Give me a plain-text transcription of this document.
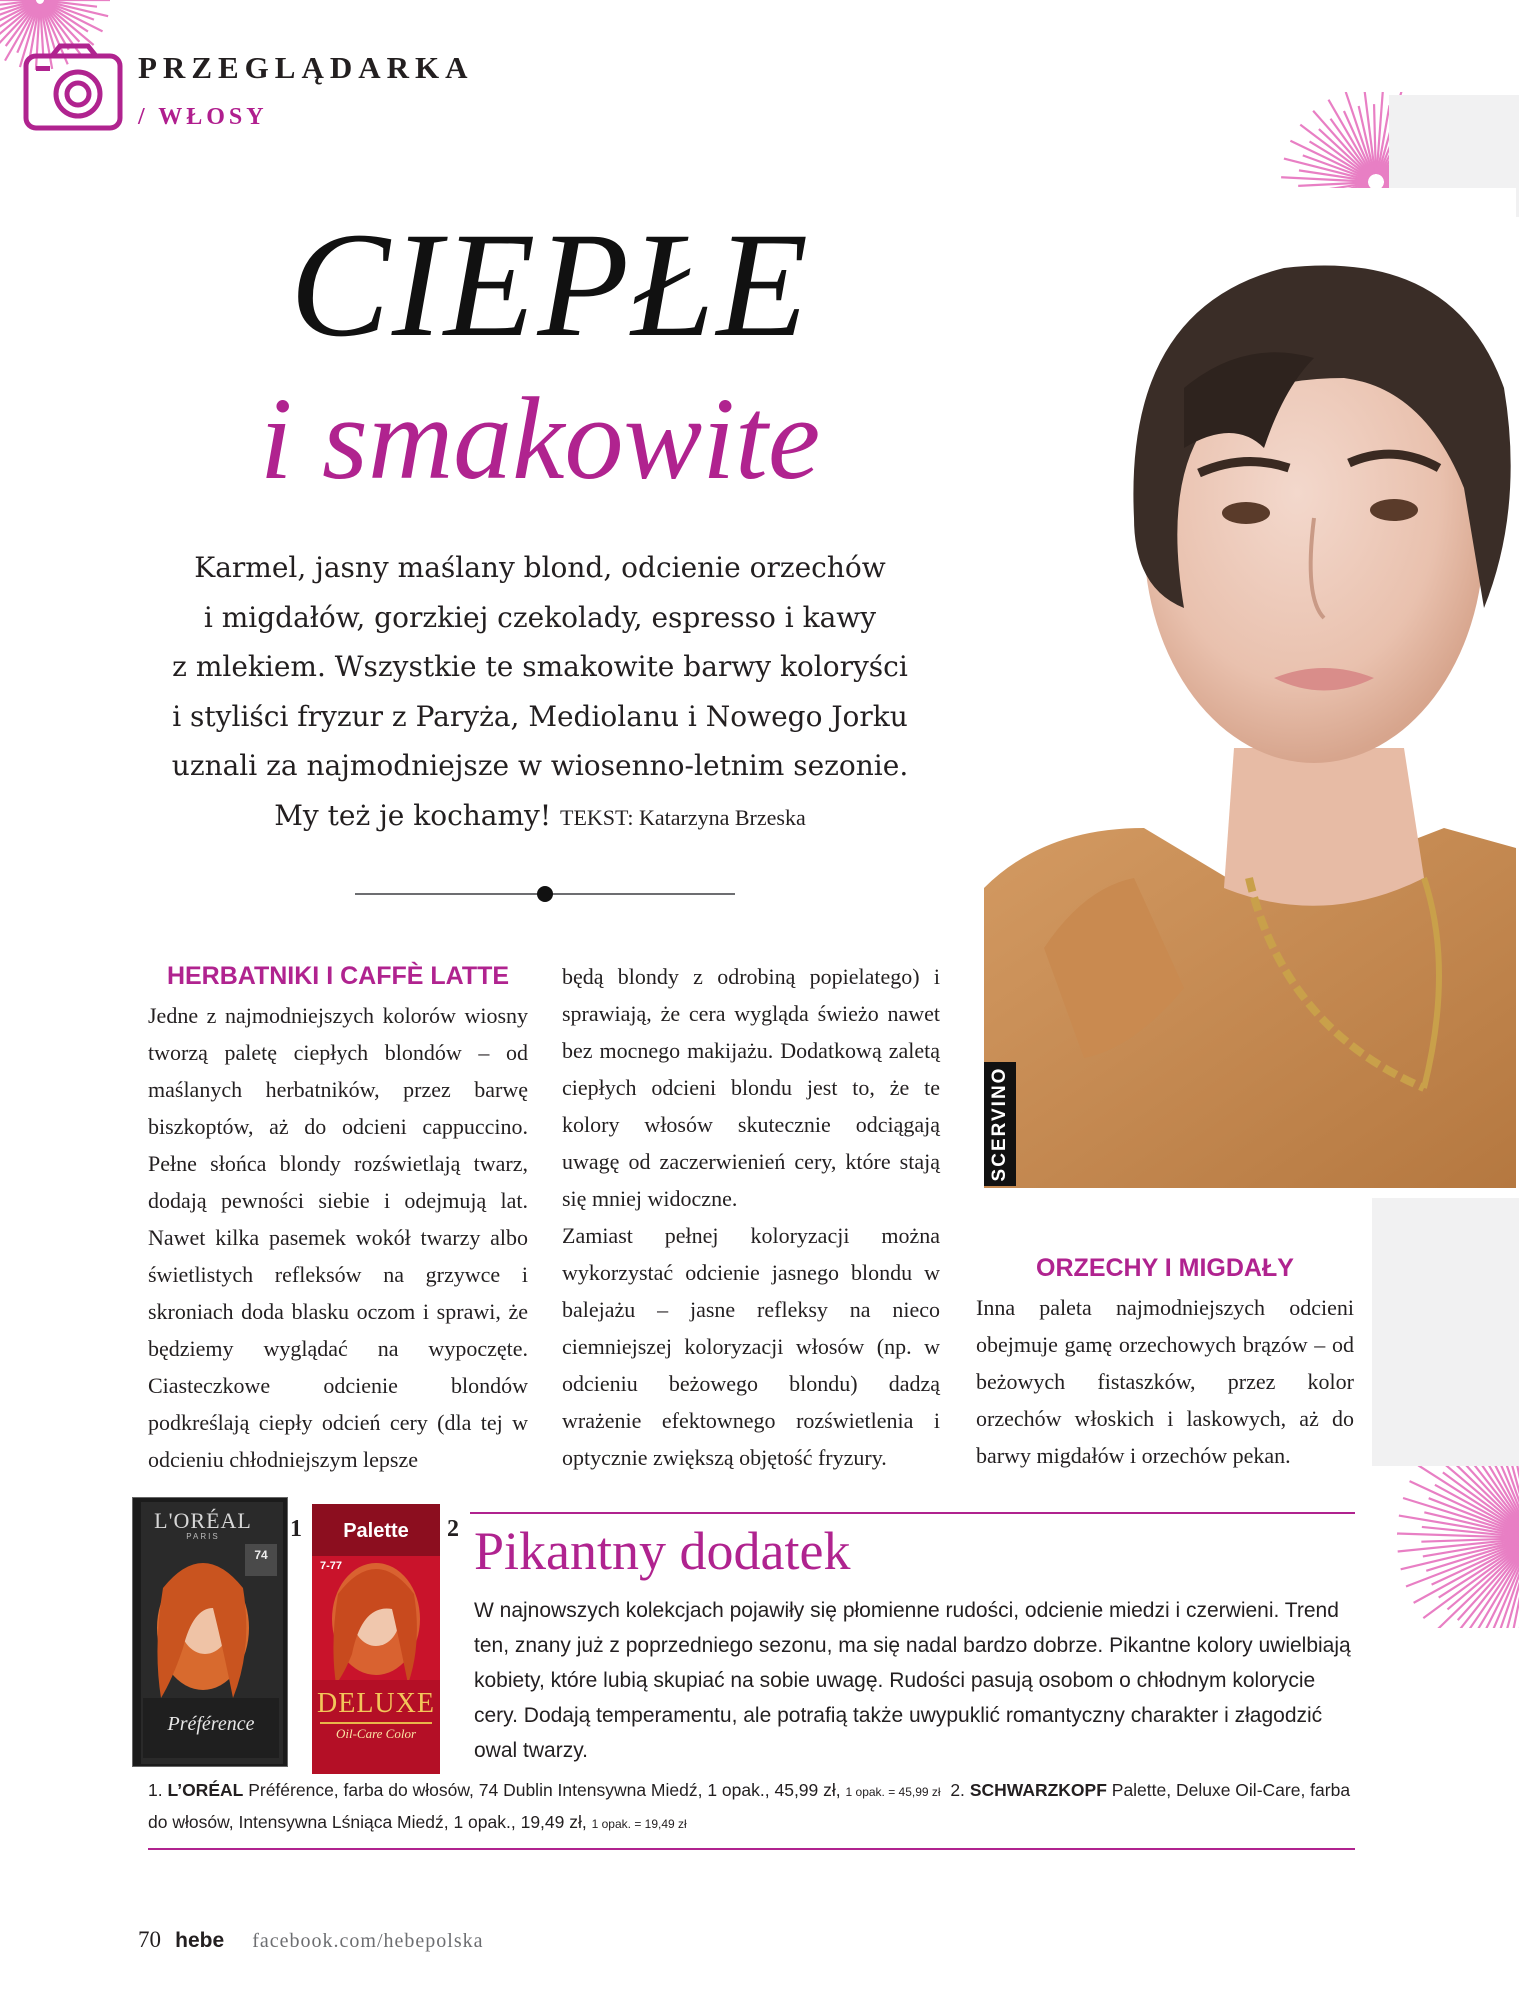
PRZEGLĄDARKA
/ WŁOSY
CIEPŁE
i smakowite
Karmel, jasny maślany blond, odcienie orzechów
i migdałów, gorzkiej czekolady, espresso i kawy
z mlekiem. Wszystkie te smakowite barwy koloryści
i styliści fryzur z Paryża, Mediolanu i Nowego Jorku
uznali za najmodniejsze w wiosenno-letnim sezonie.
My też je kochamy! TEKST: Katarzyna Brzeska
SCERVINO
HERBATNIKI I CAFFÈ LATTE

Jedne z najmodniejszych kolorów wiosny tworzą paletę ciepłych blondów – od maślanych herbatników, przez barwę biszkoptów, aż do odcieni cappuccino. Pełne słońca blondy rozświetlają twarz, dodają pewności siebie i odejmują lat. Nawet kilka pasemek wokół twarzy albo świetlistych refleksów na grzywce i skroniach doda blasku oczom i sprawi, że będziemy wyglądać na wypoczęte. Ciasteczkowe odcienie blondów podkreślają ciepły odcień cery (dla tej w odcieniu chłodniejszym lepsze

będą blondy z odrobiną popielatego) i sprawiają, że cera wygląda świeżo nawet bez mocnego makijażu. Dodatkową zaletą ciepłych odcieni blondu jest to, że te kolory włosów skutecznie odciągają uwagę od zaczerwienień cery, które stają się mniej widoczne.

Zamiast pełnej koloryzacji można wykorzystać odcienie jasnego blondu w balejażu – jasne refleksy na nieco ciemniejszej koloryzacji włosów (np. w odcieniu beżowego blondu) dadzą wrażenie efektownego rozświetlenia i optycznie zwiększą objętość fryzury.

ORZECHY I MIGDAŁY

Inna paleta najmodniejszych odcieni obejmuje gamę orzechowych brązów – od beżowych fistaszków, przez kolor orzechów włoskich i laskowych, aż do barwy migdałów i orzechów pekan.

L'ORÉAL
PARIS
74
Préférence
1	Palette
7-77
DELUXE
Oil-Care Color
2 Pikantny dodatek
W najnowszych kolekcjach pojawiły się płomienne rudości, odcienie miedzi i czerwieni. Trend ten, znany już z poprzedniego sezonu, ma się nadal bardzo dobrze. Pikantne kolory uwielbiają kobiety, które lubią skupiać na sobie uwagę. Rudości pasują osobom o chłodnym kolorycie cery. Dodają temperamentu, ale potrafią także uwypuklić romantyczny charakter i złagodzić owal twarzy.
1. L’ORÉAL Préférence, farba do włosów, 74 Dublin Intensywna Miedź, 1 opak., 45,99 zł, 1 opak. = 45,99 zł 2. SCHWARZKOPF Palette, Deluxe Oil-Care, farba do włosów, Intensywna Lśniąca Miedź, 1 opak., 19,49 zł, 1 opak. = 19,49 zł
70 hebe facebook.com/hebepolska
